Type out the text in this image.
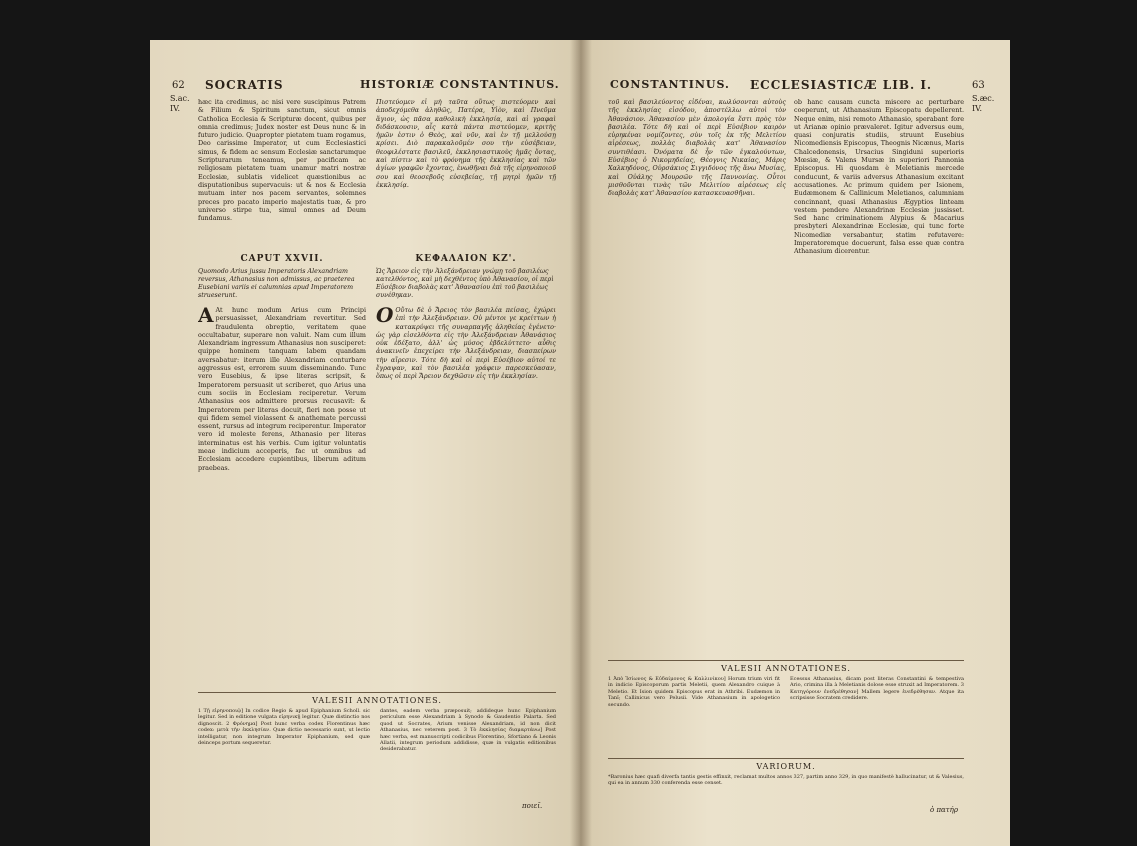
62 SOCRATIS	HISTORIÆ CONSTANTINUS.
S.ac. IV.
hæc ita credimus, ac nisi vere suscipimus Patrem & Filium & Spiritum sanctum, sicut omnis Catholica Ecclesia & Scripturæ docent, quibus per omnia credimus; Judex noster est Deus nunc & in futuro judicio. Quapropter pietatem tuam rogamus, Deo carissime Imperator, ut cum Ecclesiastici simus, & fidem ac sensum Ecclesiæ sanctarumque Scripturarum teneamus, per pacificam ac religiosam pietatem tuam unamur matri nostræ Ecclesiæ, sublatis videlicet quæstionibus ac disputationibus supervacuis: ut & nos & Ecclesia mutuam inter nos pacem servantes, solemnes preces pro pacato imperio majestatis tuæ, & pro universo stirpe tua, simul omnes ad Deum fundamus.
Πιστεύομεν εἰ μὴ ταῦτα οὕτως πιστεύομεν καὶ ἀποδεχόμεθα ἀληθῶς, Πατέρα, Υἱὸν, καὶ Πνεῦμα ἅγιον, ὡς πᾶσα καθολικὴ ἐκκλησία, καὶ αἱ γραφαὶ διδάσκουσιν, αἷς κατὰ πάντα πιστεύομεν, κριτὴς ἡμῶν ἐστιν ὁ Θεὸς, καὶ νῦν, καὶ ἐν τῇ μελλούσῃ κρίσει. Διὸ παρακαλοῦμέν σου τὴν εὐσέβειαν, θεοφιλέστατε βασιλεῦ, ἐκκλησιαστικοὺς ἡμᾶς ὄντας, καὶ πίστιν καὶ τὸ φρόνημα τῆς ἐκκλησίας καὶ τῶν ἁγίων γραφῶν ἔχοντας, ἑνωθῆναι διὰ τῆς εἰρηνοποιοῦ σου καὶ θεοσεβοῦς εὐσεβείας, τῇ μητρὶ ἡμῶν τῇ ἐκκλησίᾳ.
CAPUT XXVII.	ΚΕΦΑΛΑΙΟΝ ΚΖ'.
Quomodo Arius jussu Imperatoris Alexandriam reversus, Athanasius non admissus, ac praeterea Eusebiani variis ei calumnias apud Imperatorem strueserunt.
Ὡς Ἄρειον εἰς τὴν Ἀλεξάνδρειαν γνώμῃ τοῦ βασιλέως κατελθόντος, καὶ μὴ δεχθέντος ὑπὸ Ἀθανασίου, οἱ περὶ Εὐσέβιον διαβολὰς κατ' Ἀθανασίου ἐπὶ τοῦ βασιλέως συνέθηκαν.
A At hunc modum Arius cum Principi persuasisset, Alexandriam revertitur. Sed fraudulenta obreptio, veritatem quae occultabatur, superare non valuit. Nam cum illum Alexandriam ingressum Athanasius non susciperet: quippe hominem tanquam labem quandam aversabatur: iterum ille Alexandriam conturbare aggressus est, errorem suum disseminando. Tunc vero Eusebius, & ipse literas scripsit, & Imperatorem persuasit ut scriberet, quo Arius una cum sociis in Ecclesiam reciperetur. Verum Athanasius eos admittere prorsus recusavit: & Imperatorem per literas docuit, fieri non posse ut qui fidem semel violassent & anathemate percussi essent, rursus ad integrum reciperentur. Imperator vero id moleste ferens, Athanasio per literas interminatus est his verbis. Cum igitur voluntatis meae indicium acceperis, fac ut omnibus ad Ecclesiam accedere cupientibus, liberum aditum praebeas.
O Οὕτω δὲ ὁ Ἄρειος τὸν βασιλέα πείσας, ἐχώρει ἐπὶ τὴν Ἀλεξάνδρειαν. Οὐ μέντοι γε κρείττων ἡ κατακρύψει τῆς συναρπαγῆς ἀληθείας ἐγένετο· ὡς γὰρ εἰσελθόντα εἰς τὴν Ἀλεξάνδρειαν Ἀθανάσιος οὐκ ἐδέξατο, ἀλλ' ὡς μύσος ἐβδελύττετο· αὖθις ἀνακινεῖν ἐπεχείρει τὴν Ἀλεξάνδρειαν, διασπείρων τὴν αἵρεσιν. Τότε δὴ καὶ οἱ περὶ Εὐσέβιον αὐτοί τε ἔγραψαν, καὶ τὸν βασιλέα γράφειν παρεσκεύασαν, ὅπως οἱ περὶ Ἄρειον δεχθῶσιν εἰς τὴν ἐκκλησίαν.
VALESII ANNOTATIONES.
1 Τῇ εἰρηνοποιῷ] In codice Regio & apud Epiphanium Scholl. sic legitur. Sed in editione vulgata εἰρηνικῇ legitur. Quæ distinctio nos dignoscit. 2 Φρόνημα] Post hunc verba codex Florentinus hæc codex: μετὰ τὴν ἐκκλησίαν. Quæ dictio necessario sunt, ut lectio intelligatur, non integrum Imperator Epiphanium, sed quæ deinceps portum sequeretur.
dantes, eadem verba præposuit; addideque hunc Epiphanium periculum esse Alexandriam à Synodo & Gaudentio Palarta. Sed quod ut Socrates, Arium venisse Alexandriam, id non dicit Athanasius, nec veterem post. 3 Τὸ ἐκκλησίας διαμαρτάνω] Post hæc verba, est manuscripti codicibus Florentino, Sfortiano & Leonis Allatii, integrum periodum addidisse, quæ in vulgatis editionibus desiderabatur.
ποιεῖ.
CONSTANTINUS. ECCLESIASTICÆ LIB. I.	63
S.æc. IV.
τοῦ καὶ βασιλεύοντος εἰδέναι, κωλύσονται αὐτοὺς τῆς ἐκκλησίας εἰσόδου, ἀποστέλλω αὐτοὶ τὸν Ἀθανάσιον. Ἀθανασίου μὲν ἀπολογία ἔστι πρὸς τὸν βασιλέα. Τότε δὴ καὶ οἱ περὶ Εὐσέβιον καιρὸν εὑρηκέναι νομίζοντες, σὺν τοῖς ἐκ τῆς Μελιτίου αἱρέσεως, πολλὰς διαβολὰς κατ' Ἀθανασίου συντιθέασι. Ὀνόματα δὲ ἦν τῶν ἐγκαλούντων, Εὐσέβιος ὁ Νικομηδείας, Θέογνις Νικαίας, Μάρις Χαλκηδόνος, Οὐρσάκιος Σιγγιδόνος τῆς ἄνω Μυσίας, καὶ Οὐάλης Μουρσῶν τῆς Παννονίας. Οὗτοι μισθοῦνται τινὰς τῶν Μελιτίου αἱρέσεως εἰς διαβολὰς κατ' Ἀθανασίου κατασκευασθῆναι.
ob hanc causam cuncta miscere ac perturbare coeperunt, ut Athanasium Episcopatu depellerent. Neque enim, nisi remoto Athanasio, sperabant fore ut Arianæ opinio prævaleret. Igitur adversus eum, quasi conjuratis studiis, struunt Eusebius Nicomediensis Episcopus, Theognis Nicænus, Maris Chalcedonensis, Ursacius Singiduni superioris Mœsiæ, & Valens Mursæ in superiori Pannonia Episcopus. Hi quosdam è Meletianis mercede conducunt, & variis adversus Athanasium excitant accusationes. Ac primum quidem per Isionem, Eudæmonem & Callinicum Meletianos, calumniam concinnant, quasi Athanasius Ægyptios linteam vestem pendere Alexandrinæ Ecclesiæ jussisset. Sed hanc criminationem Alypius & Macarius presbyteri Alexandrinæ Ecclesiæ, qui tunc forte Nicomediæ versabantur, statim refutavere: Imperatoremque docuerunt, falsa esse quæ contra Athanasium dicerentur.
VALESII ANNOTATIONES.
1 Ἀπὸ Ἰσίωνος & Εὐδαίμονος & Καλλινίκου] Horum trium viri fit in indicio Episcoporum partis Meletii, quem Alexandro cuique à Meletio. Et Ision quidem Episcopus erat in Athribi. Eudæmon in Tanî; Callinicus vero Pelusii. Vide Athanasium in apologetico secundo.
Ecessus Athanasius, dicam post literas Constantini & tempestiva Ario, crimina illa à Meletianis dolose esse struxit ad Imperatorem. 3 Κατηγόρουν ἐνεδρέθησαν] Mallem legere ἐνεδρέθησαν. Atque ita scripsisse Socratem credidere.
VARIORUM.
*Baronius hæc quafi diverfa tantis gestis effinxit, reclamat multos annos 327, partim anno 329, in quo manifestè hallucinatur, ut & Valesius, qui ea in annum 330 conferenda esse censet.
ὁ πατήρ
